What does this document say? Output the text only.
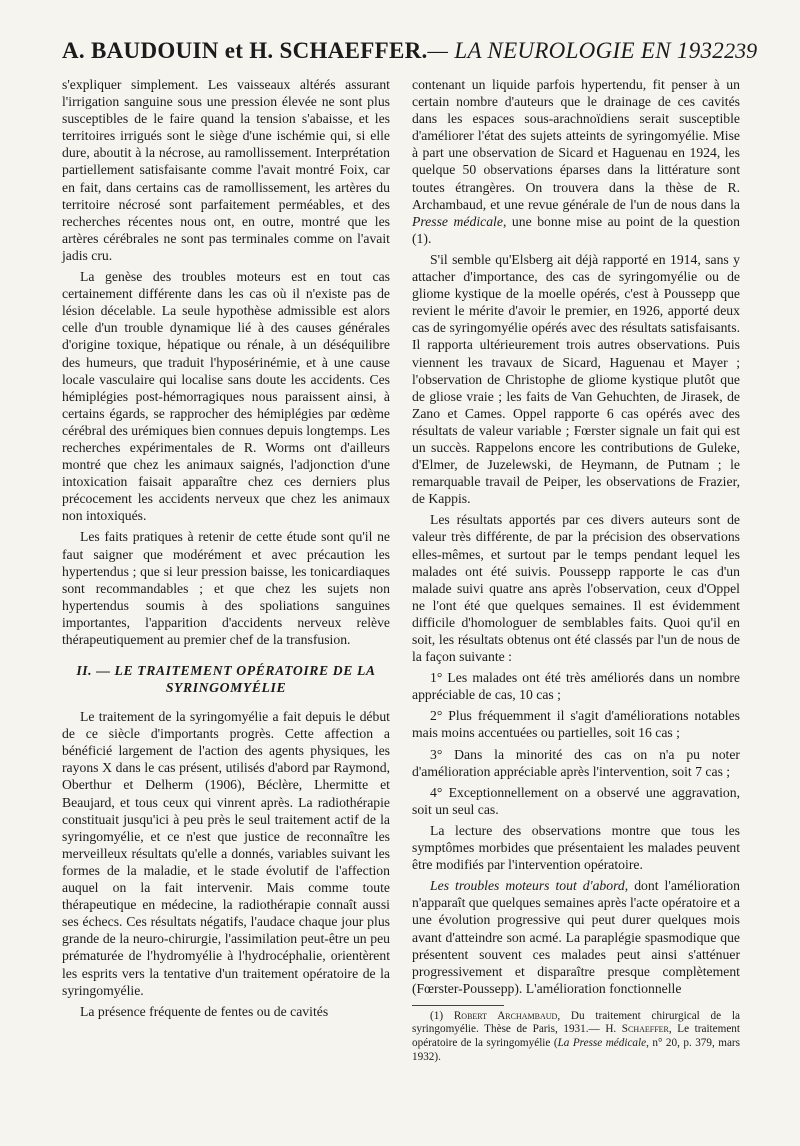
A. BAUDOUIN et H. SCHAEFFER. — LA NEUROLOGIE EN 1932 239

s'expliquer simplement. Les vaisseaux altérés assurant l'irrigation sanguine sous une pression élevée ne sont plus susceptibles de le faire quand la tension s'abaisse, et les territoires irrigués sont le siège d'une ischémie qui, si elle dure, aboutit à la nécrose, au ramollissement. Interprétation partiellement satisfaisante comme l'avait montré Foix, car en fait, dans certains cas de ramollissement, les artères du territoire nécrosé sont parfaitement perméables, et des recherches récentes nous ont, en outre, montré que les artères cérébrales ne sont pas terminales comme on l'avait jadis cru.

La genèse des troubles moteurs est en tout cas certainement différente dans les cas où il n'existe pas de lésion décelable. La seule hypothèse admissible est alors celle d'un trouble dynamique lié à des causes générales d'origine toxique, hépatique ou rénale, à un déséquilibre des humeurs, que traduit l'hyposérinémie, et à une cause locale vasculaire qui localise sans doute les accidents. Ces hémiplégies post-hémorragiques nous paraissent ainsi, à certains égards, se rapprocher des hémiplégies par œdème cérébral des urémiques bien connues depuis longtemps. Les recherches expérimentales de R. Worms ont d'ailleurs montré que chez les animaux saignés, l'adjonction d'une intoxication faisait apparaître chez ces derniers plus précocement les accidents nerveux que chez les animaux non intoxiqués.

Les faits pratiques à retenir de cette étude sont qu'il ne faut saigner que modérément et avec précaution les hypertendus ; que si leur pression baisse, les tonicardiaques sont recommandables ; et que chez les sujets non hypertendus soumis à des spoliations sanguines importantes, l'apparition d'accidents nerveux relève thérapeutiquement au premier chef de la transfusion.

II. — LE TRAITEMENT OPÉRATOIRE DE LA
SYRINGOMYÉLIE

Le traitement de la syringomyélie a fait depuis le début de ce siècle d'importants progrès. Cette affection a bénéficié largement de l'action des agents physiques, les rayons X dans le cas présent, utilisés d'abord par Raymond, Oberthur et Delherm (1906), Béclère, Lhermitte et Beaujard, et tous ceux qui vinrent après. La radiothérapie constituait jusqu'ici à peu près le seul traitement actif de la syringomyélie, et ce n'est que justice de reconnaître les merveilleux résultats qu'elle a donnés, variables suivant les formes de la maladie, et le stade évolutif de l'affection auquel on la fait intervenir. Mais comme toute thérapeutique en médecine, la radiothérapie connaît aussi ses échecs. Ces résultats négatifs, l'audace chaque jour plus grande de la neuro-chirurgie, l'assimilation peut-être un peu prématurée de l'hydromyélie à l'hydrocéphalie, orientèrent les esprits vers la tentative d'un traitement opératoire de la syringomyélie.

La présence fréquente de fentes ou de cavités

contenant un liquide parfois hypertendu, fit penser à un certain nombre d'auteurs que le drainage de ces cavités dans les espaces sous-arachnoïdiens serait susceptible d'améliorer l'état des sujets atteints de syringomyélie. Mise à part une observation de Sicard et Haguenau en 1924, les quelque 50 observations éparses dans la littérature sont toutes étrangères. On trouvera dans la thèse de R. Archambaud, et une revue générale de l'un de nous dans la Presse médicale, une bonne mise au point de la question (1).

S'il semble qu'Elsberg ait déjà rapporté en 1914, sans y attacher d'importance, des cas de syringomyélie ou de gliome kystique de la moelle opérés, c'est à Poussepp que revient le mérite d'avoir le premier, en 1926, apporté deux cas de syringomyélie opérés avec des résultats satisfaisants. Il rapporta ultérieurement trois autres observations. Puis viennent les travaux de Sicard, Haguenau et Mayer ; l'observation de Christophe de gliome kystique plutôt que de gliose vraie ; les faits de Van Gehuchten, de Jirasek, de Zano et Cames. Oppel rapporte 6 cas opérés avec des résultats de valeur variable ; Fœrster signale un fait qui est un succès. Rappelons encore les contributions de Guleke, d'Elmer, de Juzelewski, de Heymann, de Putnam ; le remarquable travail de Peiper, les observations de Frazier, de Kappis.

Les résultats apportés par ces divers auteurs sont de valeur très différente, de par la précision des observations elles-mêmes, et surtout par le temps pendant lequel les malades ont été suivis. Poussepp rapporte le cas d'un malade suivi quatre ans après l'observation, ceux d'Oppel ne l'ont été que quelques semaines. Il est évidemment difficile d'homologuer de semblables faits. Quoi qu'il en soit, les résultats obtenus ont été classés par l'un de nous de la façon suivante :

1° Les malades ont été très améliorés dans un nombre appréciable de cas, 10 cas ;

2° Plus fréquemment il s'agit d'améliorations notables mais moins accentuées ou partielles, soit 16 cas ;

3° Dans la minorité des cas on n'a pu noter d'amélioration appréciable après l'intervention, soit 7 cas ;

4° Exceptionnellement on a observé une aggravation, soit un seul cas.

La lecture des observations montre que tous les symptômes morbides que présentaient les malades peuvent être modifiés par l'intervention opératoire.

Les troubles moteurs tout d'abord, dont l'amélioration n'apparaît que quelques semaines après l'acte opératoire et a une évolution progressive qui peut durer quelques mois avant d'atteindre son acmé. La paraplégie spasmodique que présentent souvent ces malades peut ainsi s'atténuer progressivement et disparaître presque complètement (Fœrster-Poussepp). L'amélioration fonctionnelle

(1) Robert Archambaud, Du traitement chirurgical de la syringomyélie. Thèse de Paris, 1931.— H. Schaeffer, Le traitement opératoire de la syringomyélie (La Presse médicale, n° 20, p. 379, mars 1932).
